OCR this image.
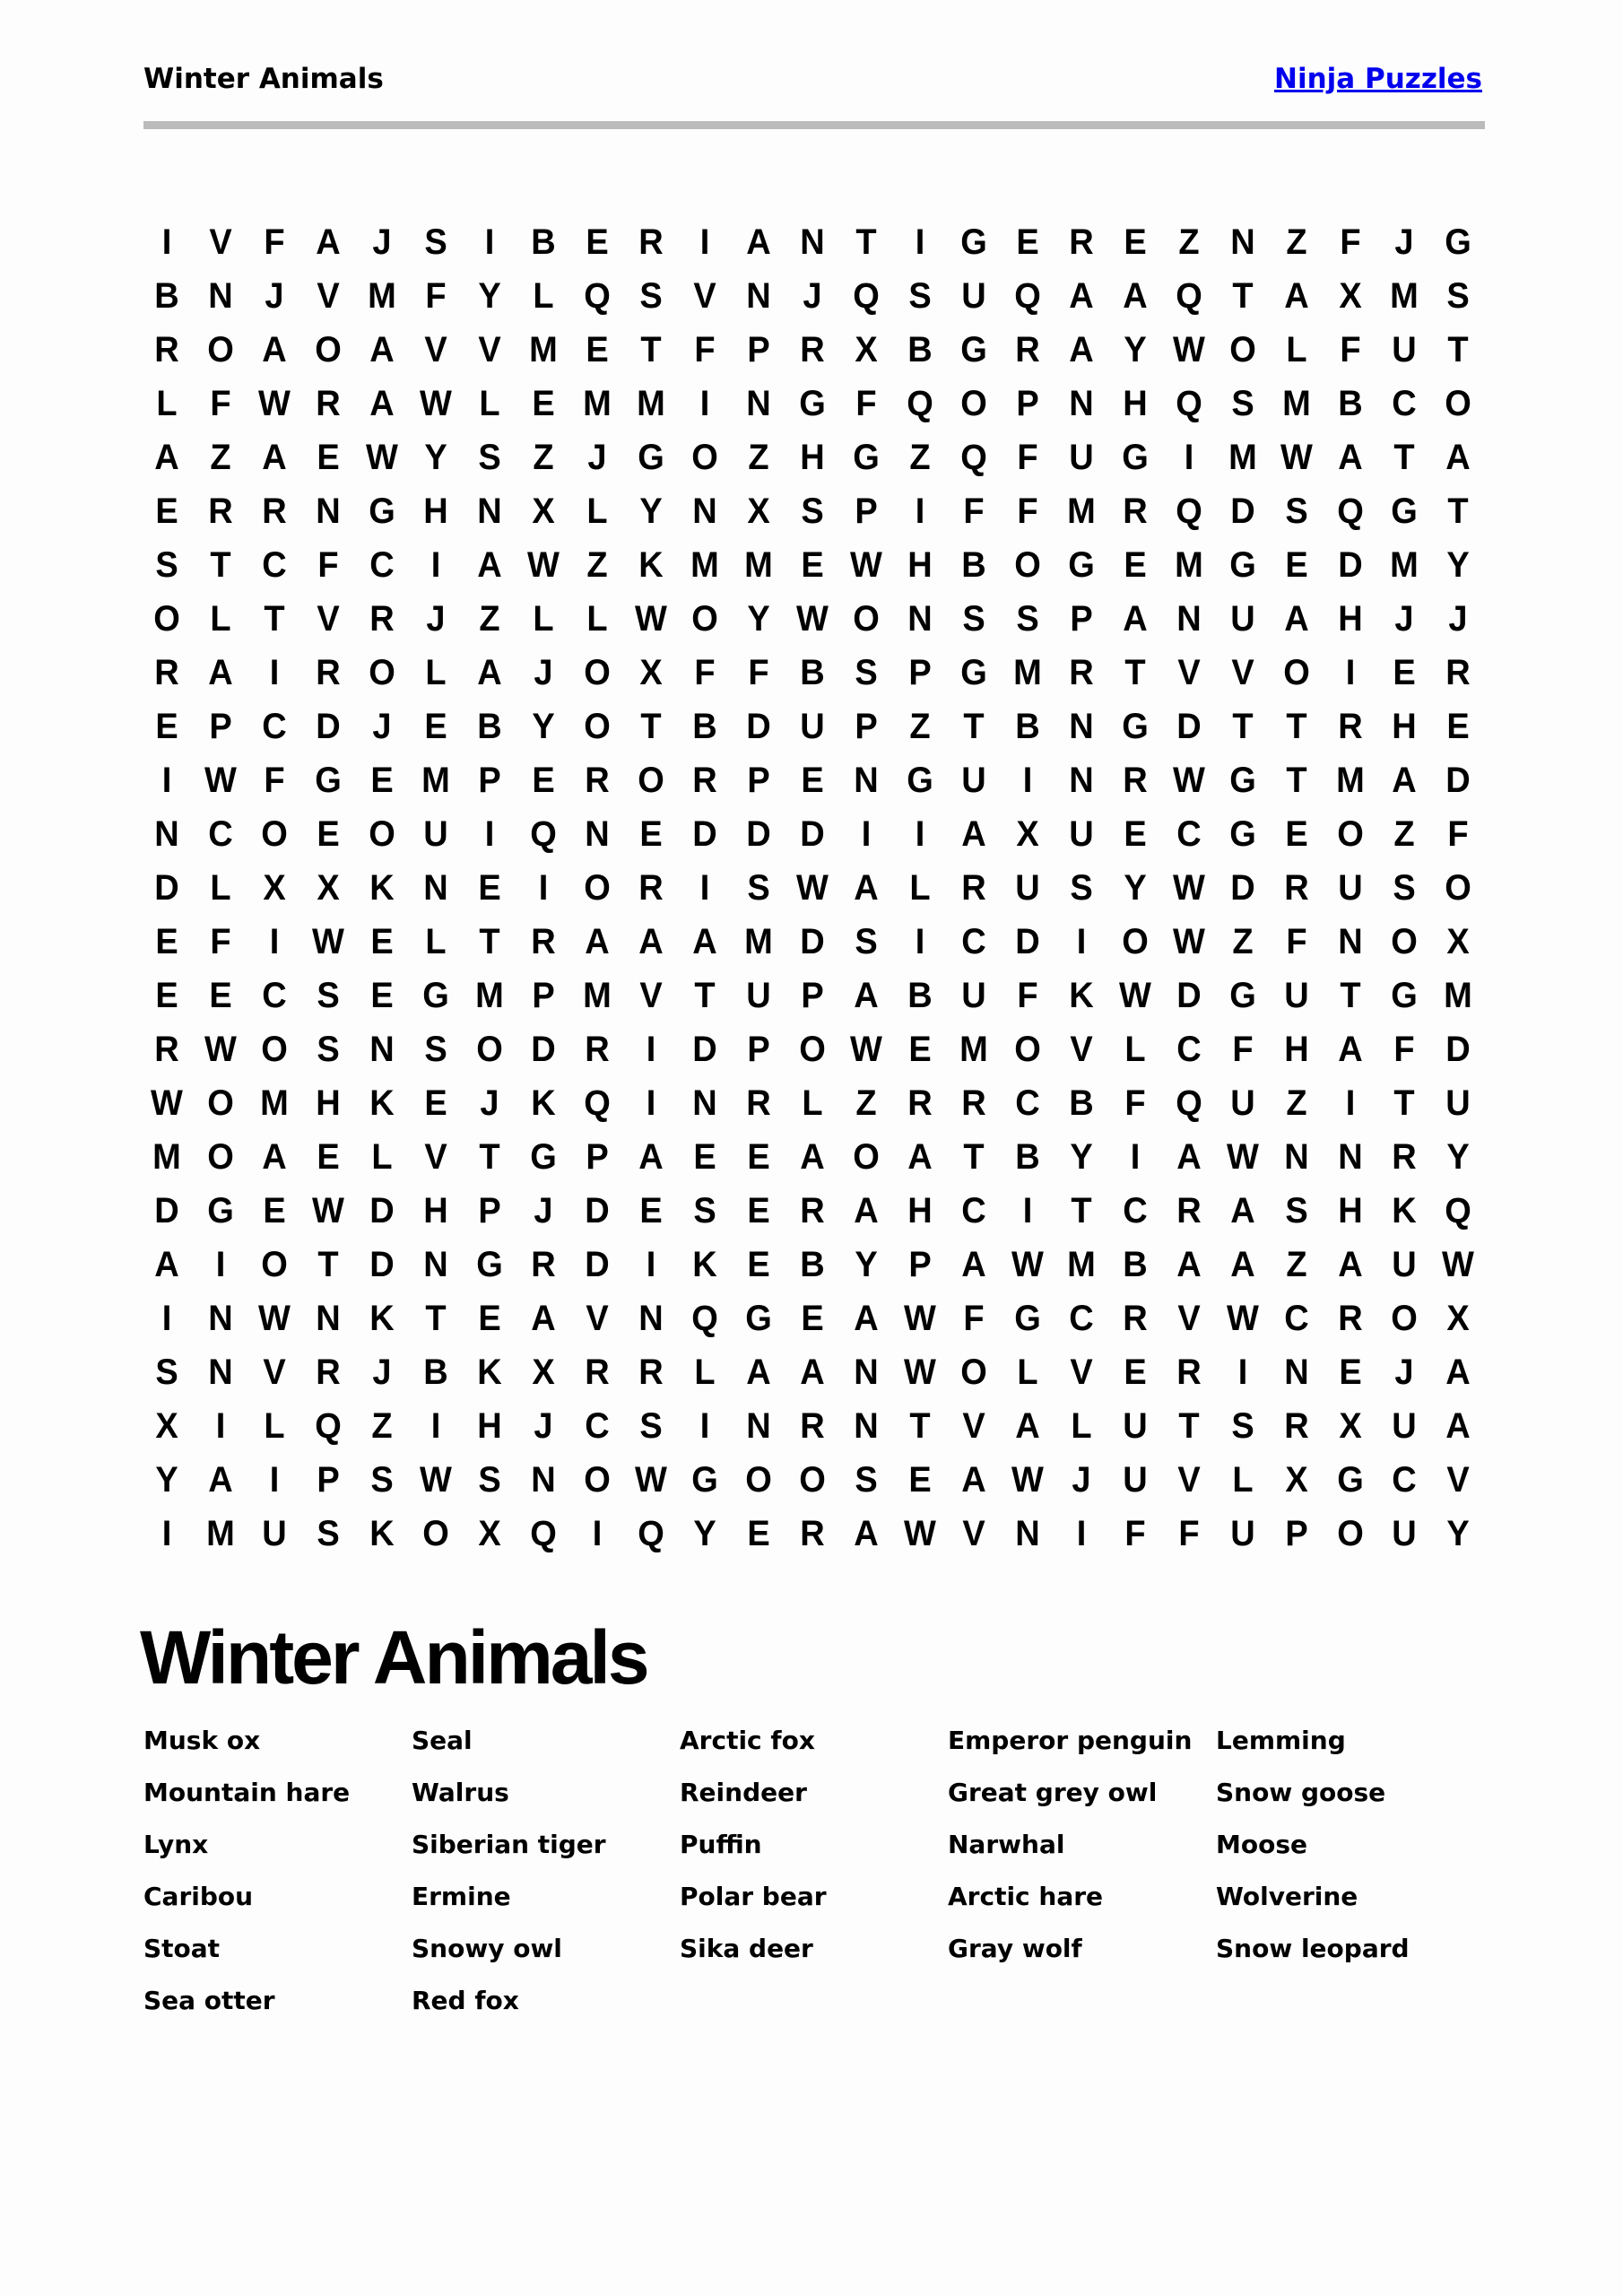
Winter Animals	Ninja Puzzles
I	V F A J S	I	B E R	I	A N T	I G E R E Z N Z F J G
B N J V M F Y L Q S V N J Q S U Q A A Q T A X M S
R O A O A V V M E T F P R X B G R A Y W O L F U T
L F W R A W L E M M I	N G F Q O P N H Q S M B C O
A Z A E W Y S Z J G O Z H G Z Q F U G I M W A T A
E R R N G H N X L Y N X S P	I	F F M R Q D S Q G T
S T C F C	I	A W Z K M M E W H B O G E M G E D M Y
O L T V R J Z L L W O Y W O N S S P A N U A H J J
R A	I	R O L A J O X F F B S P G M R T V V O I	E R
E P C D J E B Y O T B D U P Z T B N G D T T R H E
I W F G E M P E R O R P E N G U	I	N R W G T M A D
N C O E O U	I Q N E D D D	I	I	A X U E C G E O Z F
D L X X K N E	I O R	I	S W A L R U S Y W D R U S O
E F	I W E L T R A A A M D S	I	C D	I O W Z F N O X
E E C S E G M P M V T U P A B U F K W D G U T G M
R W O S N S O D R	I	D P O W E M O V L C F H A F D
W O M H K E J K Q I	N R L Z R R C B F Q U Z	I	T U
M O A E L V T G P A E E A O A T B Y	I	A W N N R Y
D G E W D H P J D E S E R A H C	I	T C R A S H K Q
A	I O T D N G R D	I	K E B Y P A W M B A A Z A U W
I	N W N K T E A V N Q G E A W F G C R V W C R O X
S N V R J B K X R R L A A N W O L V E R	I	N E J A
X	I	L Q Z	I	H J C S	I	N R N T V A L U T S R X U A
Y A	I	P S W S N O W G O O S E A W J U V L X G C V
I M U S K O X Q I Q Y E R A W V N	I	F F U P O U Y
Winter Animals
Musk ox	Seal	Arctic fox	Emperor penguin Lemming
Mountain hare	Walrus	Reindeer	Great grey owl	Snow goose
Lynx	Siberian tiger	Puffin	Narwhal	Moose
Caribou	Ermine	Polar bear	Arctic hare	Wolverine
Stoat	Snowy owl	Sika deer	Gray wolf	Snow leopard
Sea otter	Red fox
